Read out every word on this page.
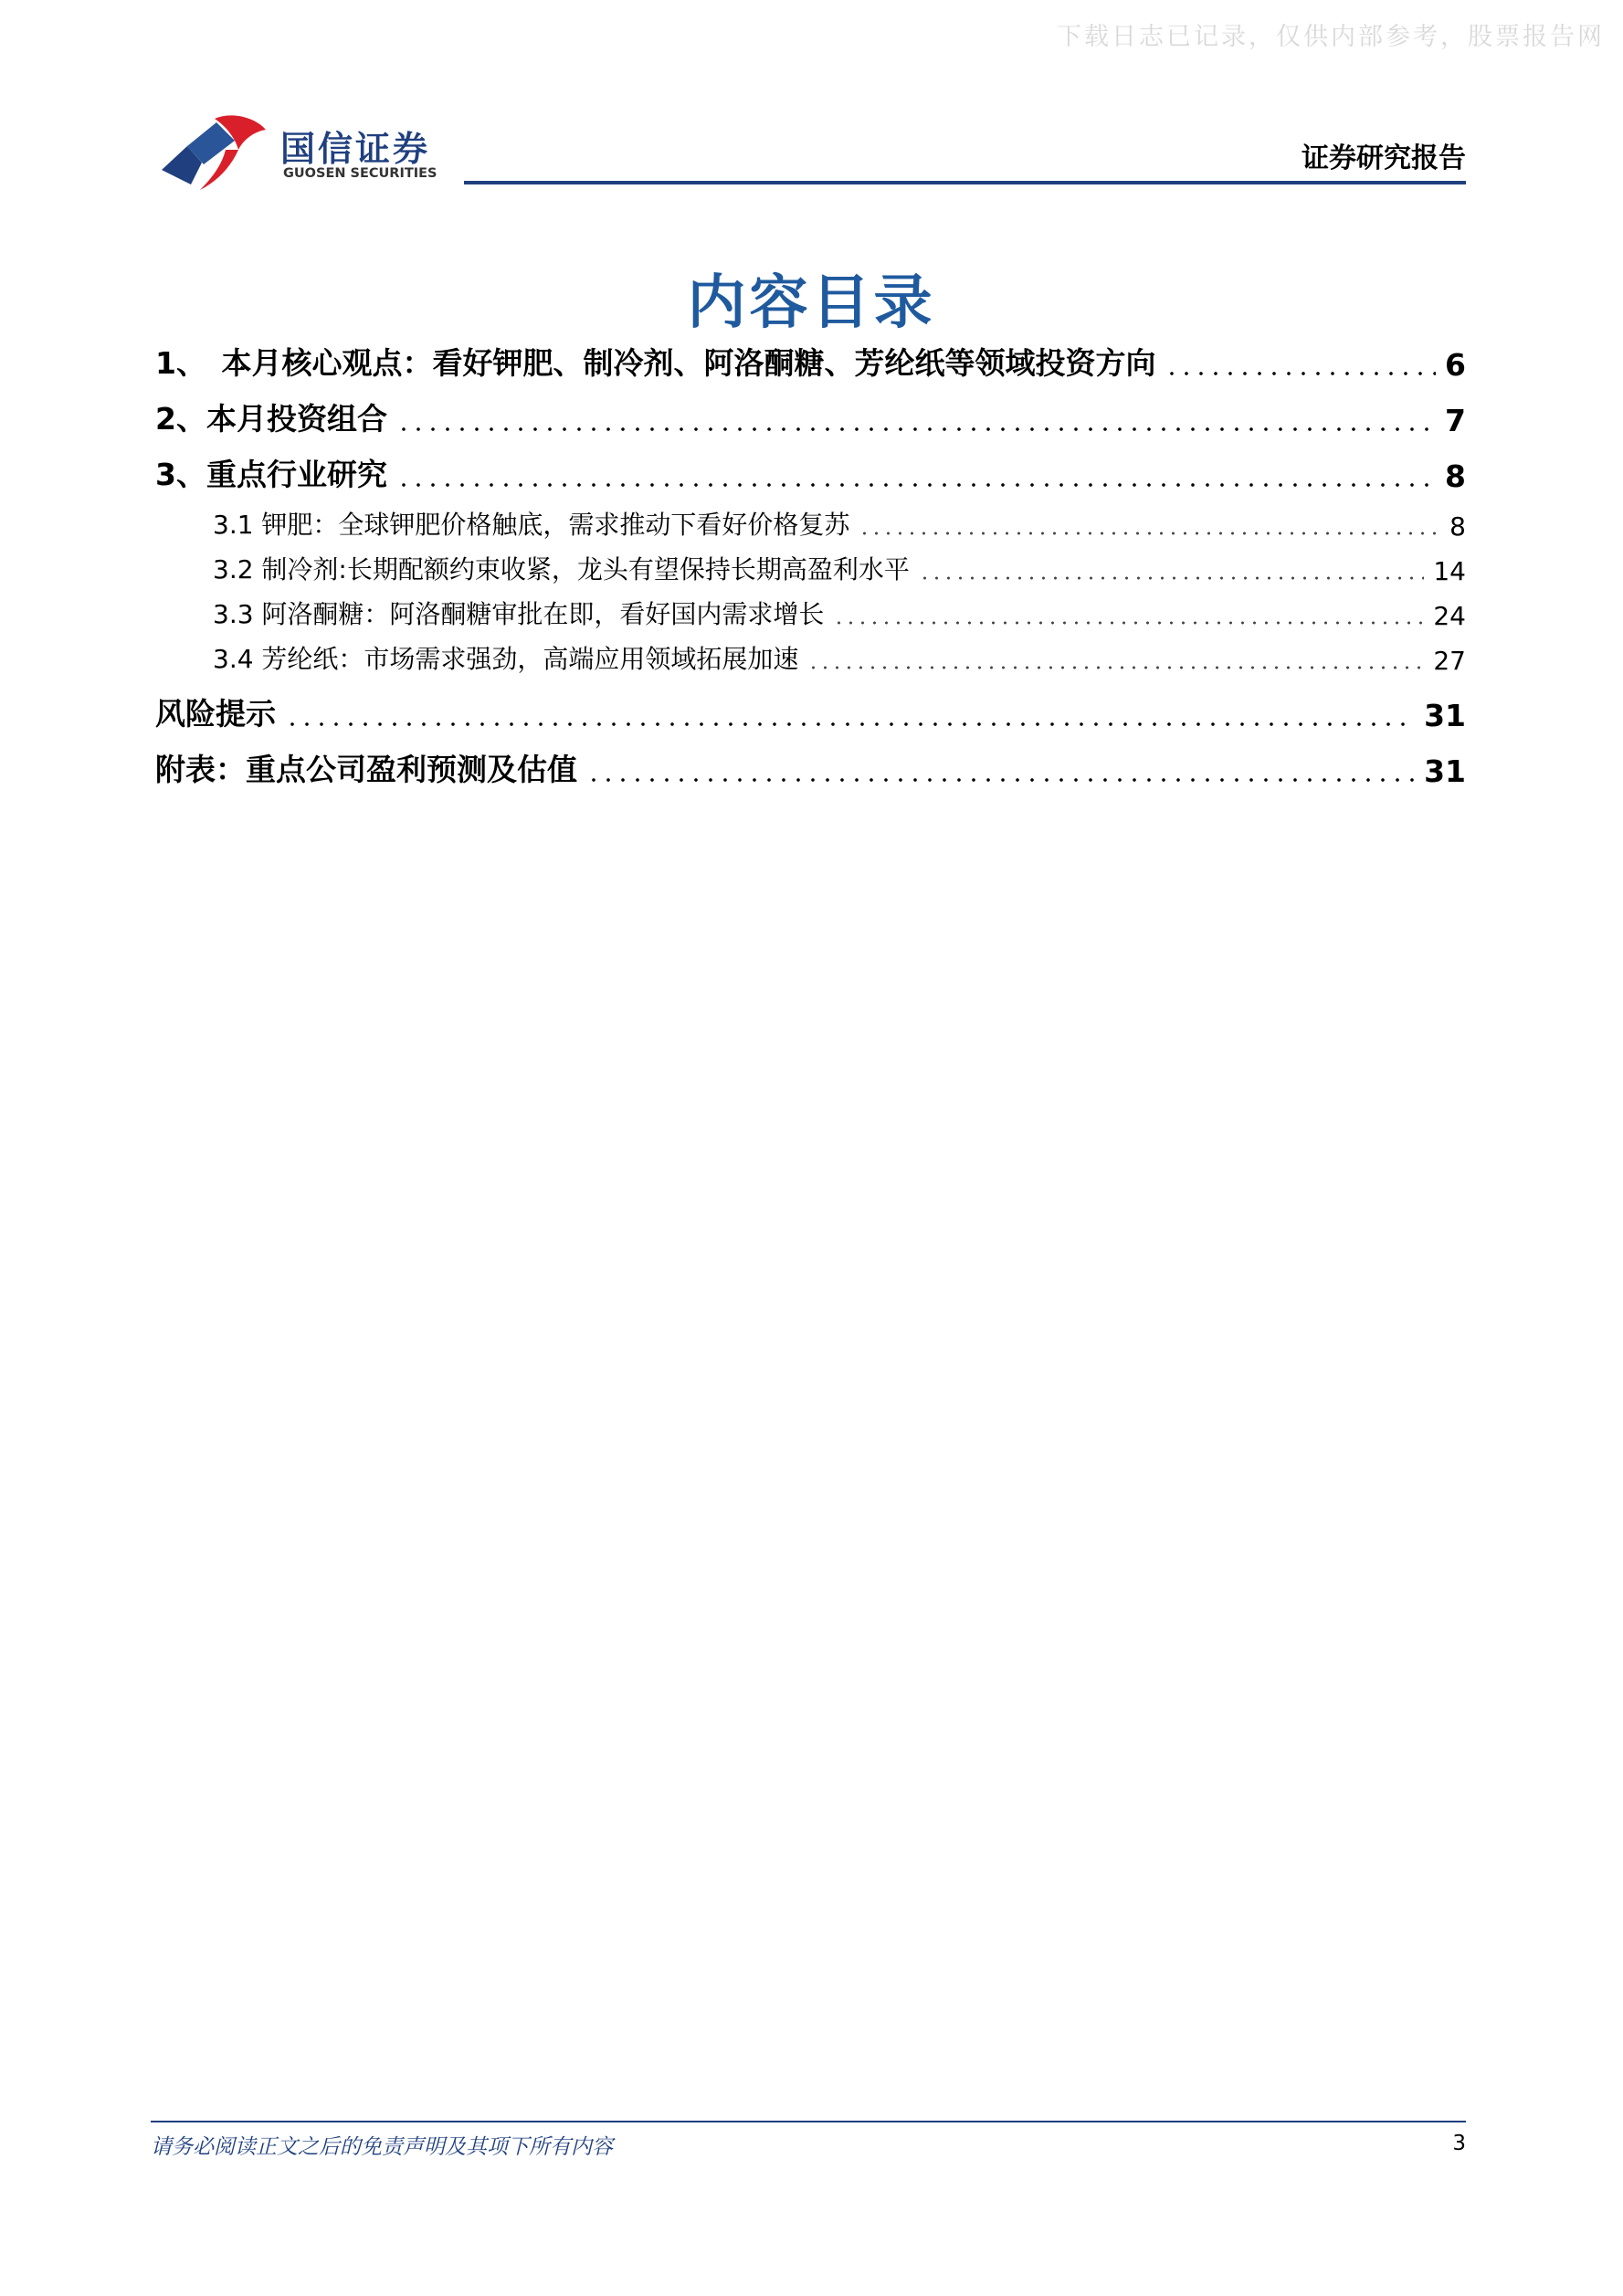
下载日志已记录，仅供内部参考，股票报告网
国信证券
GUOSEN SECURITIES	证券研究报告
内容目录
1、　本月核心观点：看好钾肥、制冷剂、阿洛酮糖、芳纶纸等领域投资方向	6
2、本月投资组合	7
3、重点行业研究	8
3.1 钾肥：全球钾肥价格触底，需求推动下看好价格复苏	8
3.2 制冷剂:长期配额约束收紧，龙头有望保持长期高盈利水平	14
3.3 阿洛酮糖：阿洛酮糖审批在即，看好国内需求增长	24
3.4 芳纶纸：市场需求强劲，高端应用领域拓展加速	27
风险提示	31
附表：重点公司盈利预测及估值	31
请务必阅读正文之后的免责声明及其项下所有内容	3
